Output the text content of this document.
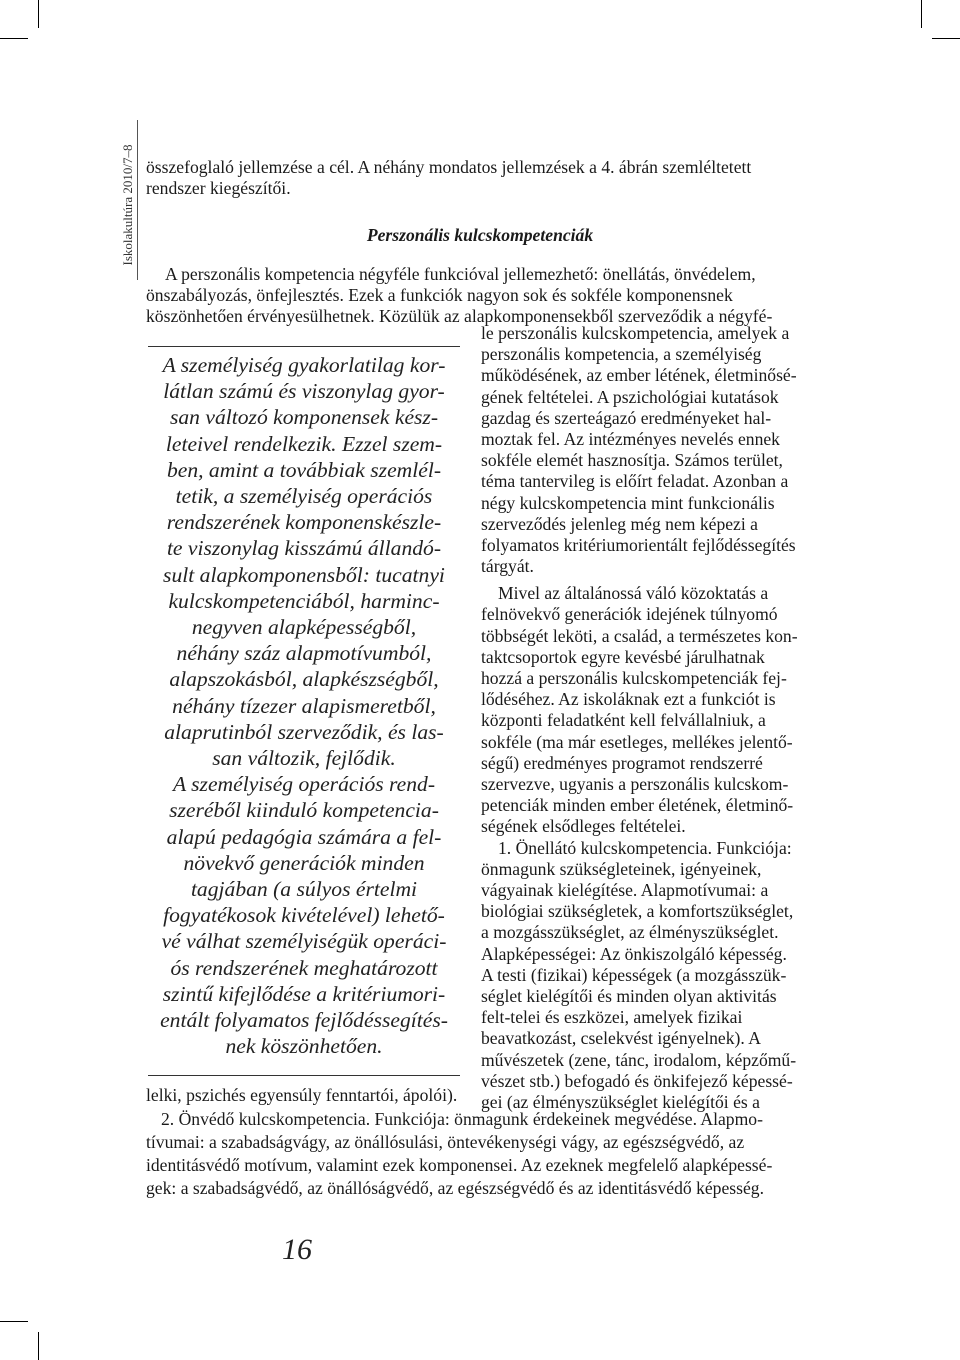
Iskolakultúra 2010/7–8 összefoglaló jellemzése a cél. A néhány mondatos jellemzések a 4. ábrán szemléltetett
rendszer kiegészítői.
Perszonális kulcskompetenciák
A perszonális kompetencia négyféle funkcióval jellemezhető: önellátás, önvédelem,
önszabályozás, önfejlesztés. Ezek a funkciók nagyon sok és sokféle komponensnek
köszönhetően érvényesülhetnek. Közülük az alapkomponensekből szerveződik a négyfé-
le perszonális kulcskompetencia, amelyek a
perszonális kompetencia, a személyiség
működésének, az ember létének, életminősé-
gének feltételei. A pszichológiai kutatások
gazdag és szerteágazó eredményeket hal-
moztak fel. Az intézményes nevelés ennek
sokféle elemét hasznosítja. Számos terület,
téma tantervileg is előírt feladat. Azonban a
négy kulcskompetencia mint funkcionális
szerveződés jelenleg még nem képezi a
folyamatos kritériumorientált fejlődéssegítés
tárgyát.
Mivel az általánossá váló közoktatás a
felnövekvő generációk idejének túlnyomó
többségét leköti, a család, a természetes kon-
taktcsoportok egyre kevésbé járulhatnak
hozzá a perszonális kulcskompetenciák fej-
lődéséhez. Az iskoláknak ezt a funkciót is
központi feladatként kell felvállalniuk, a
sokféle (ma már esetleges, mellékes jelentő-
ségű) eredményes programot rendszerré
szervezve, ugyanis a perszonális kulcskom-
petenciák minden ember életének, életminő-
ségének elsődleges feltételei.
1. Önellátó kulcskompetencia. Funkciója:
önmagunk szükségleteinek, igényeinek,
vágyainak kielégítése. Alapmotívumai: a
biológiai szükségletek, a komfortszükséglet,
a mozgásszükséglet, az élményszükséglet.
Alapképességei: Az önkiszolgáló képesség.
A testi (fizikai) képességek (a mozgásszük-
séglet kielégítői és minden olyan aktivitás
felt-telei és eszközei, amelyek fizikai
beavatkozást, cselekvést igényelnek). A
művészetek (zene, tánc, irodalom, képzőmű-
vészet stb.) befogadó és önkifejező képessé-
gei (az élményszükséglet kielégítői és a
A személyiség gyakorlatilag kor-
látlan számú és viszonylag gyor-
san változó komponensek kész-
leteivel rendelkezik. Ezzel szem-
ben, amint a továbbiak szemlél-
tetik, a személyiség operációs
rendszerének komponenskészle-
te viszonylag kisszámú állandó-
sult alapkomponensből: tucatnyi
kulcskompetenciából, harminc-
negyven alapképességből,
néhány száz alapmotívumból,
alapszokásból, alapkészségből,
néhány tízezer alapismeretből,
alaprutinból szerveződik, és las-
san változik, fejlődik.
A személyiség operációs rend-
szeréből kiinduló kompetencia-
alapú pedagógia számára a fel-
növekvő generációk minden
tagjában (a súlyos értelmi
fogyatékosok kivételével) lehető-
vé válhat személyiségük operáci-
ós rendszerének meghatározott
szintű kifejlődése a kritériumori-
entált folyamatos fejlődéssegítés-
nek köszönhetően.
lelki, pszichés egyensúly fenntartói, ápolói).
2. Önvédő kulcskompetencia. Funkciója: önmagunk érdekeinek megvédése. Alapmo-
tívumai: a szabadságvágy, az önállósulási, öntevékenységi vágy, az egészségvédő, az
identitásvédő motívum, valamint ezek komponensei. Az ezeknek megfelelő alapképessé-
gek: a szabadságvédő, az önállóságvédő, az egészségvédő és az identitásvédő képesség.
16
